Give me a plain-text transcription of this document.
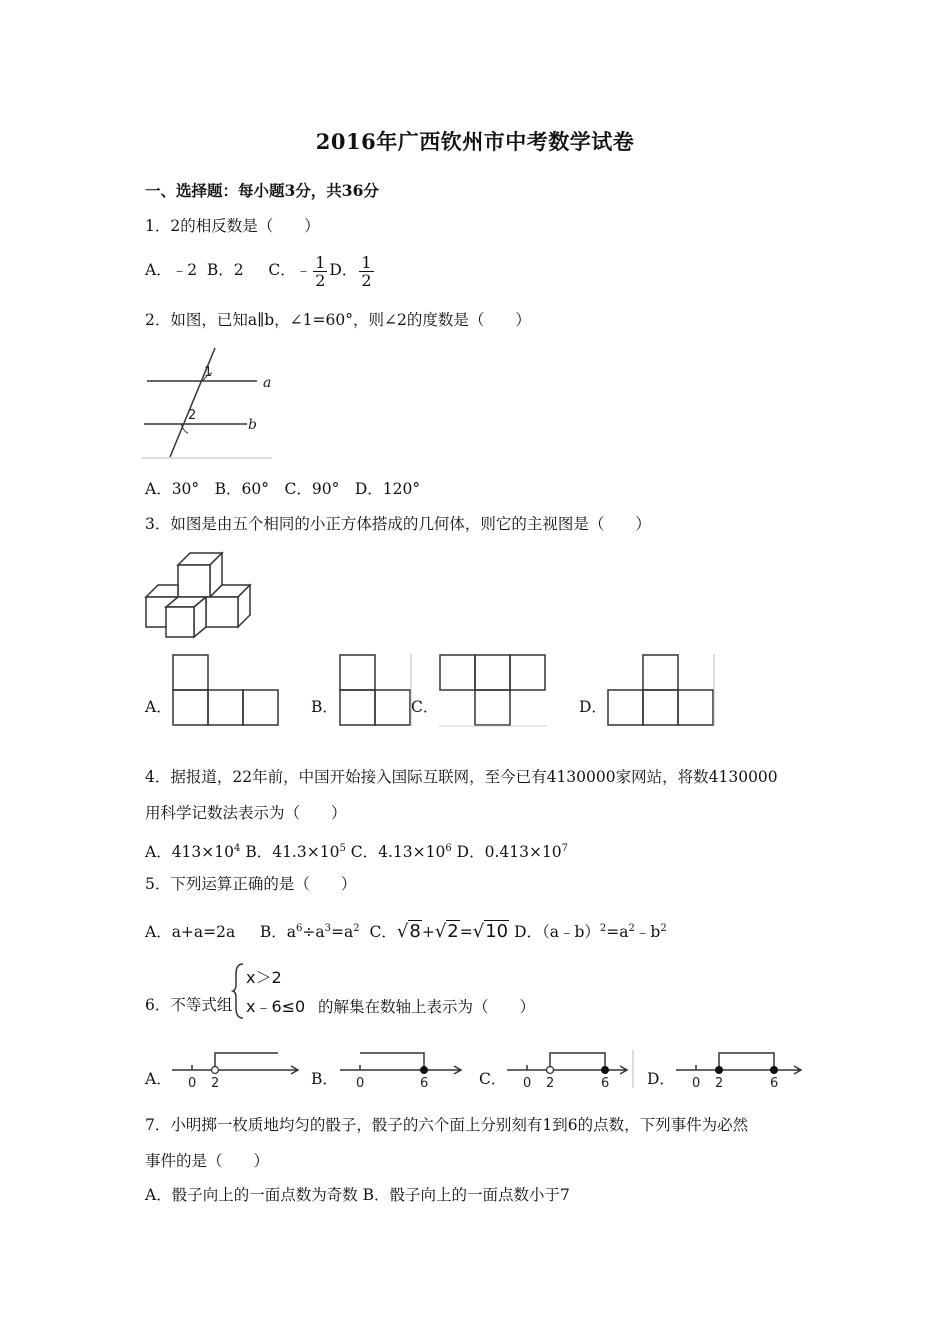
2016年广西钦州市中考数学试卷
一、选择题：每小题3分，共36分
1．2的相反数是（　　）
A．﹣2 B．2 C．﹣ $\frac{1}{2}$ D． $\frac{1}{2}$
2．如图，已知a∥b，∠1=60°，则∠2的度数是（　　）
1
2
a
b
A．30°　B．60°　C．90°　D．120°
3．如图是由五个相同的小正方体搭成的几何体，则它的主视图是（　　）
A．	B．	C．	D．
4．据报道，22年前，中国开始接入国际互联网，至今已有4130000家网站，将数4130000
用科学记数法表示为（　　）
A．$413\times 10^4$ B．$41.3\times 10^5$ C．$4.13\times 10^6$ D．$0.413\times 10^7$
5．下列运算正确的是（　　）
A．a+a=2a B．$a^6\div a^3=a^2$ C．√8+√2=√10 D．$(a﹣b)^2=a^2﹣b^2$
6．不等式组
x＞2
x﹣6≤0 的解集在数轴上表示为（　　）
A． 0 2	B． 0	6	C． 0 2	6 D． 0 2	6
7．小明掷一枚质地均匀的骰子，骰子的六个面上分别刻有1到6的点数，下列事件为必然
事件的是（　　）
A．骰子向上的一面点数为奇数 B．骰子向上的一面点数小于7
